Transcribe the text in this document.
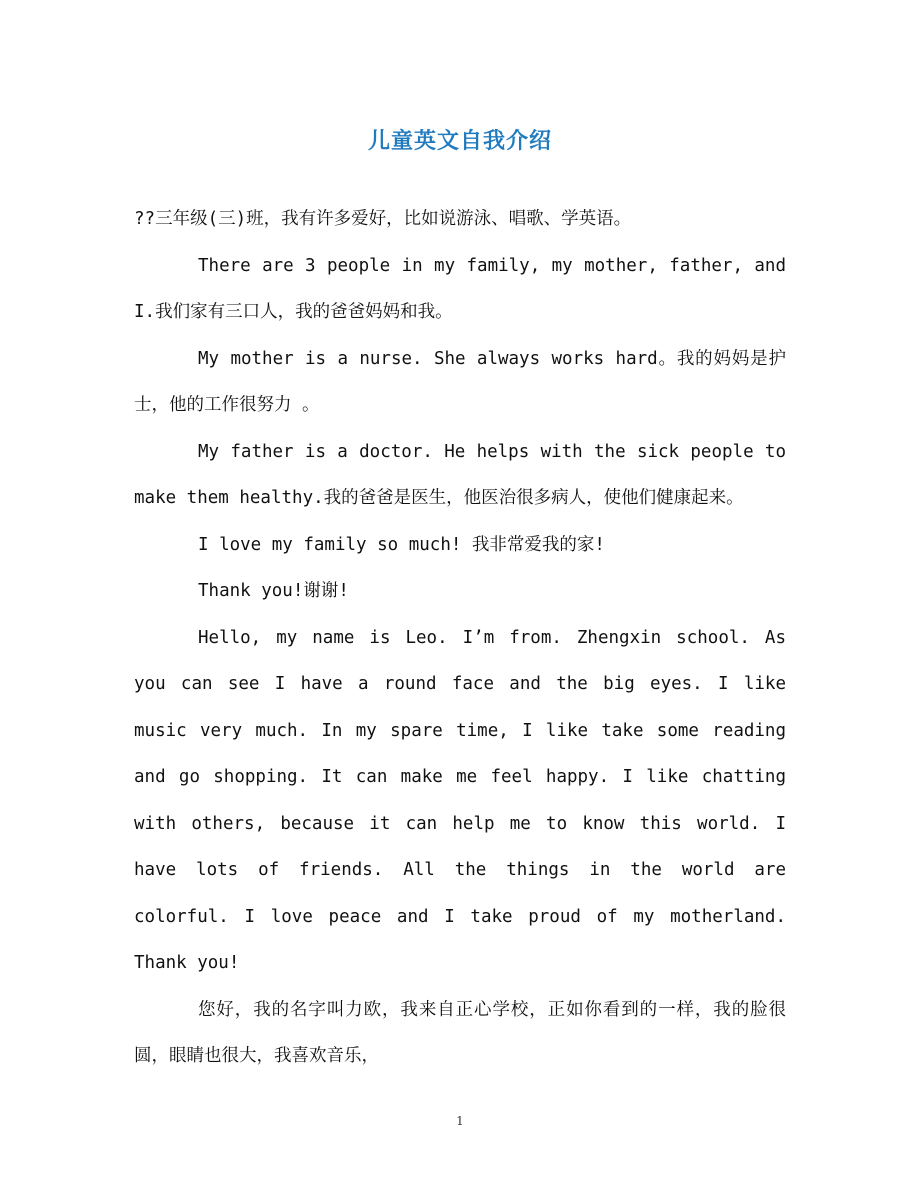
儿童英文自我介绍

??三年级(三)班，我有许多爱好，比如说游泳、唱歌、学英语。

There are 3 people in my family, my mother, father, and I.我们家有三口人，我的爸爸妈妈和我。

My mother is a nurse. She always works hard。我的妈妈是护士，他的工作很努力 。

My father is a doctor. He helps with the sick people to make them healthy.我的爸爸是医生，他医治很多病人，使他们健康起来。

I love my family so much! 我非常爱我的家!

Thank you!谢谢!

Hello, my name is Leo. I’m from. Zhengxin school. As you can see I have a round face and the big eyes. I like music very much. In my spare time, I like take some reading and go shopping. It can make me feel happy. I like chatting with others, because it can help me to know this world. I have lots of friends. All the things in the world are colorful. I love peace and I take proud of my motherland. Thank you!

您好，我的名字叫力欧，我来自正心学校，正如你看到的一样，我的脸很圆，眼睛也很大，我喜欢音乐，

1
